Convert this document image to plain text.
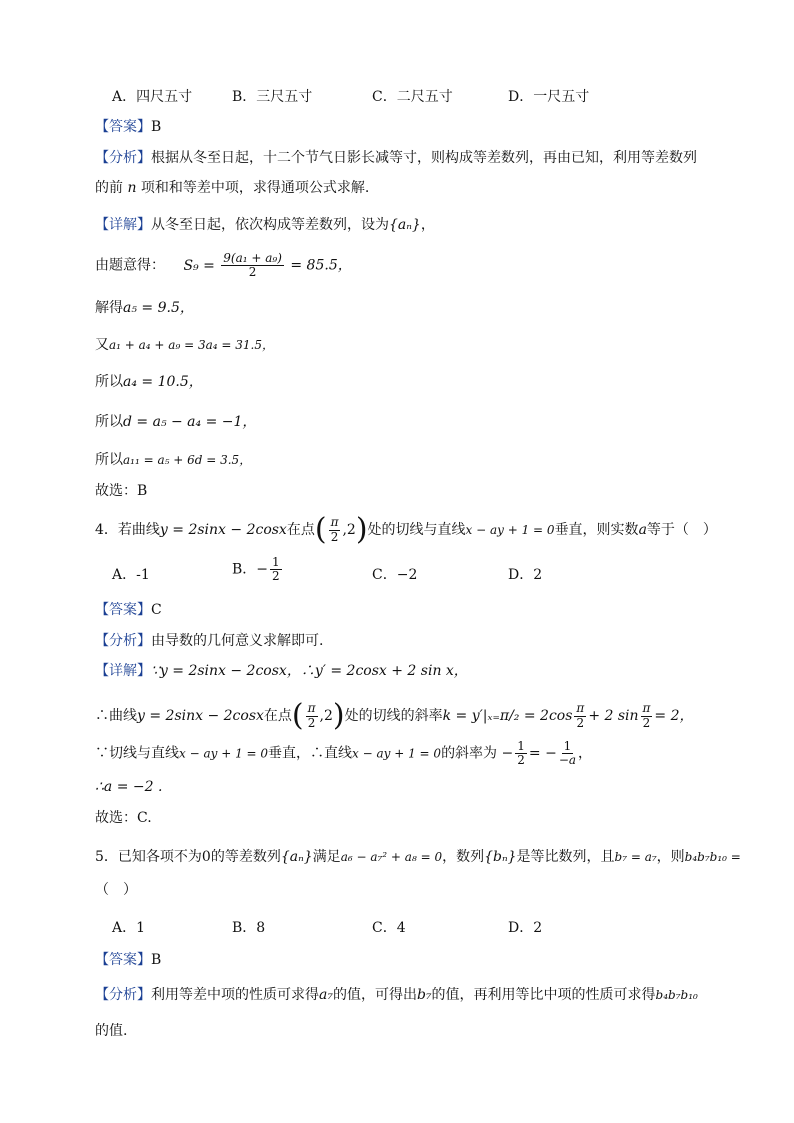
A．四尺五寸	B．三尺五寸	C．二尺五寸	D．一尺五寸
【答案】B
【分析】根据从冬至日起，十二个节气日影长减等寸，则构成等差数列，再由已知，利用等差数列
的前 n 项和和等差中项，求得通项公式求解.
【详解】从冬至日起，依次构成等差数列，设为{aₙ}，
由题意得： $S_9 = \frac{\text{9(a₁ + a₉)}}{2} = 85.5$，
解得a₅ = 9.5，
又a₁ + a₄ + a₉ = 3a₄ = 31.5，
所以a₄ = 10.5，
所以d = a₅ − a₄ = −1，
所以a₁₁ = a₅ + 6d = 3.5，
故选：B
4．若曲线y = 2sinx − 2cosx在点( $\frac{\pi}{2} ,2$)处的切线与直线x − ay + 1 = 0垂直，则实数a等于（　）
A．-1	B．− $\frac{1}{2}$	C．−2	D．2
【答案】C
【分析】由导数的几何意义求解即可.
【详解】∵y = 2sinx − 2cosx，∴y′ = 2cosx + 2 sin x，
∴曲线y = 2sinx − 2cosx在点( $\frac{\pi}{2} ,2$)处的切线的斜率$k = y'|_{x=}\pi/_2 = 2\cos \frac{\pi}{2} + 2$ $\sin \frac{\pi}{2} = 2$，
∵切线与直线x − ay + 1 = 0垂直，∴直线x − ay + 1 = 0的斜率为 − $\frac{1}{2}$ = − $\frac{1}{-a}$ ，
∴a = −2 .
故选：C.
5．已知各项不为0的等差数列{aₙ}满足a₆ − a₇² + a₈ = 0，数列{bₙ}是等比数列，且b₇ = a₇，则b₄b₇b₁₀ =
（　）
A．1	B．8	C．4	D．2
【答案】B
【分析】利用等差中项的性质可求得a₇的值，可得出b₇的值，再利用等比中项的性质可求得b₄b₇b₁₀
的值.
